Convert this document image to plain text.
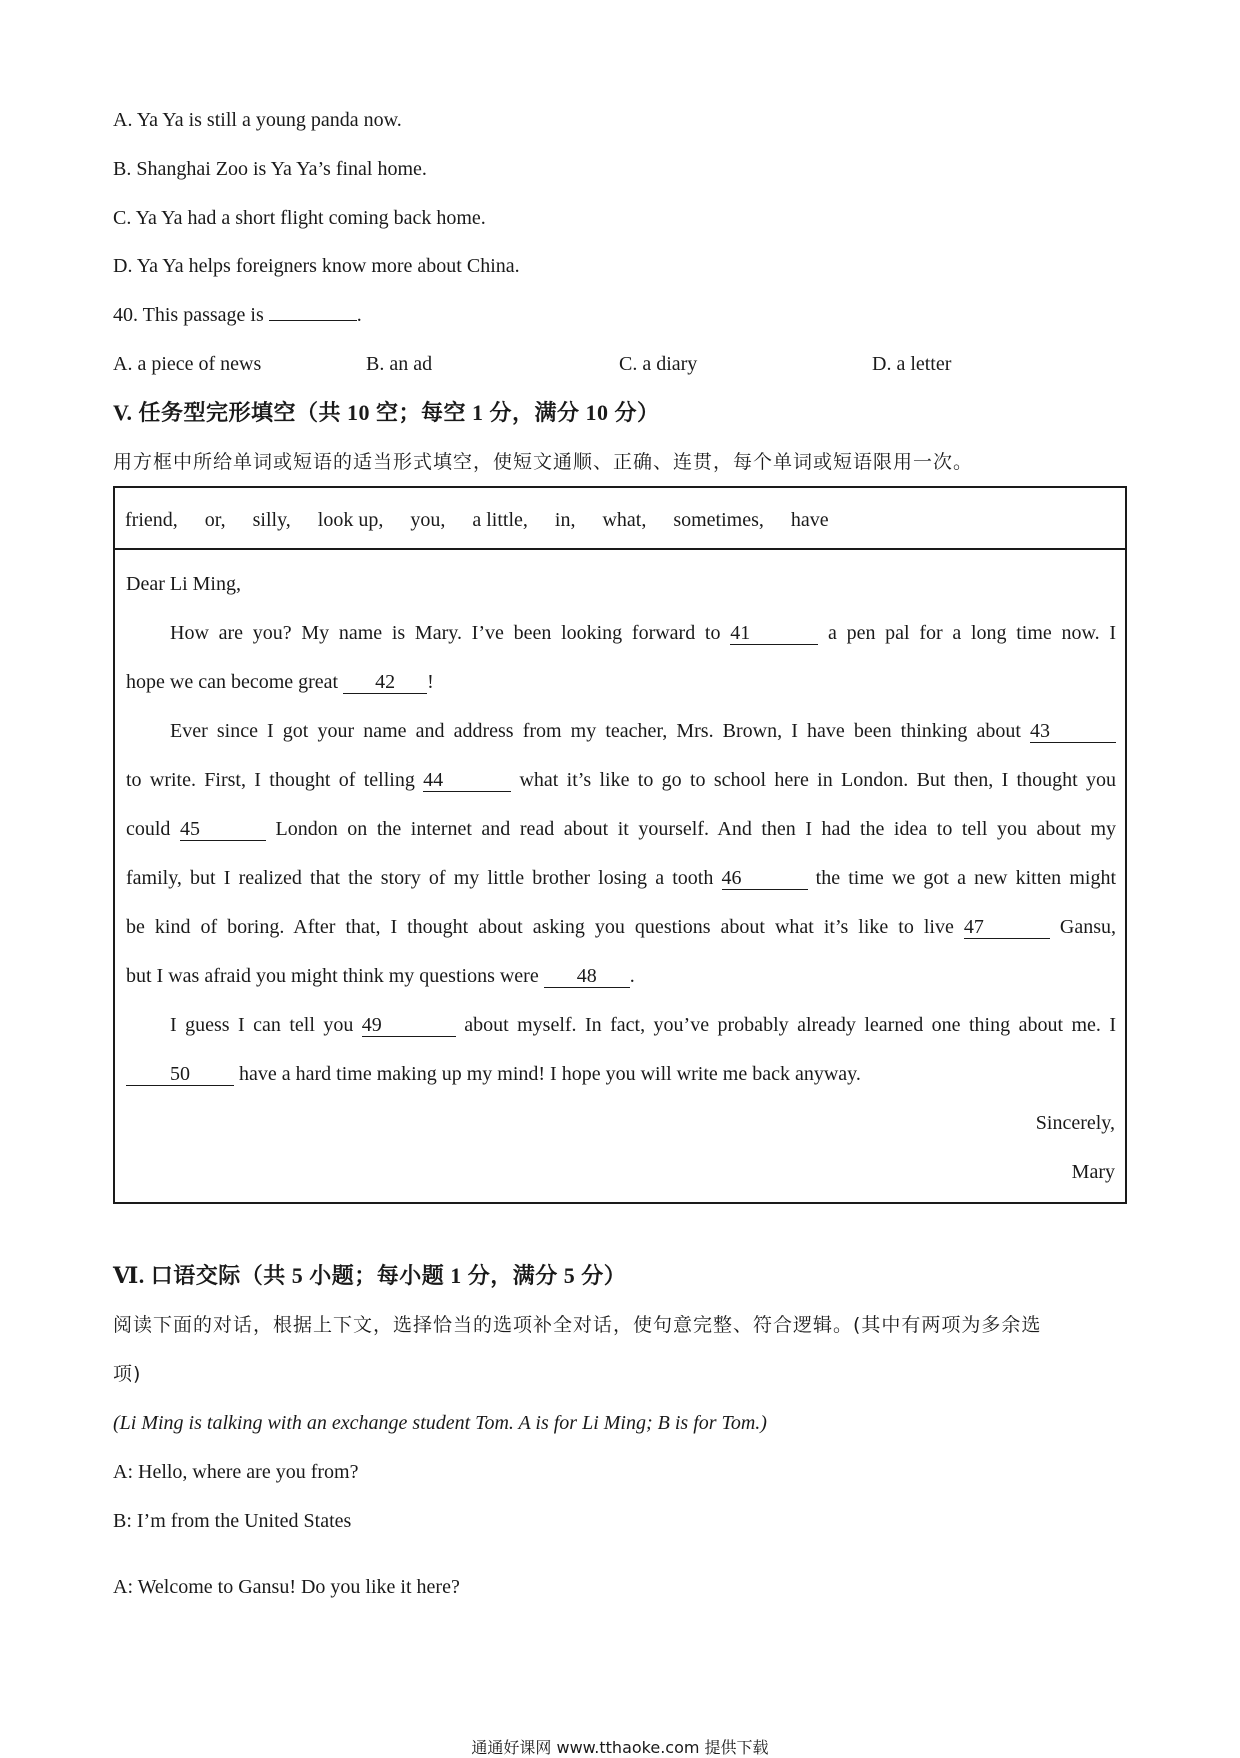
A. Ya Ya is still a young panda now.
B. Shanghai Zoo is Ya Ya’s final home.
C. Ya Ya had a short flight coming back home.
D. Ya Ya helps foreigners know more about China.
40. This passage is	.
A. a piece of news	B. an ad	C. a diary	D. a letter
V. 任务型完形填空（共 10 空；每空 1 分，满分 10 分）
用方框中所给单词或短语的适当形式填空，使短文通顺、正确、连贯，每个单词或短语限用一次。
friend, or, silly, look up, you, a little, in, what, sometimes, have
Dear Li Ming,
How are you? My name is Mary. I’ve been looking forward to 41	a pen pal for a long time now. I
hope we can become great 42 !
Ever since I got your name and address from my teacher, Mrs. Brown, I have been thinking about 43
to write. First, I thought of telling 44	what it’s like to go to school here in London. But then, I thought you
could 45	London on the internet and read about it yourself. And then I had the idea to tell you about my
family, but I realized that the story of my little brother losing a tooth 46	the time we got a new kitten might
be kind of boring. After that, I thought about asking you questions about what it’s like to live 47	Gansu,
but I was afraid you might think my questions were 48 .
I guess I can tell you 49	about myself. In fact, you’ve probably already learned one thing about me. I
50 have a hard time making up my mind! I hope you will write me back anyway.
Sincerely,
Mary
Ⅵ. 口语交际（共 5 小题；每小题 1 分，满分 5 分）
阅读下面的对话，根据上下文，选择恰当的选项补全对话，使句意完整、符合逻辑。(其中有两项为多余选
项)
(Li Ming is talking with an exchange student Tom. A is for Li Ming; B is for Tom.)
A: Hello, where are you from?
B: I’m from the United States
A: Welcome to Gansu! Do you like it here?
通通好课网 www.tthaoke.com 提供下载
